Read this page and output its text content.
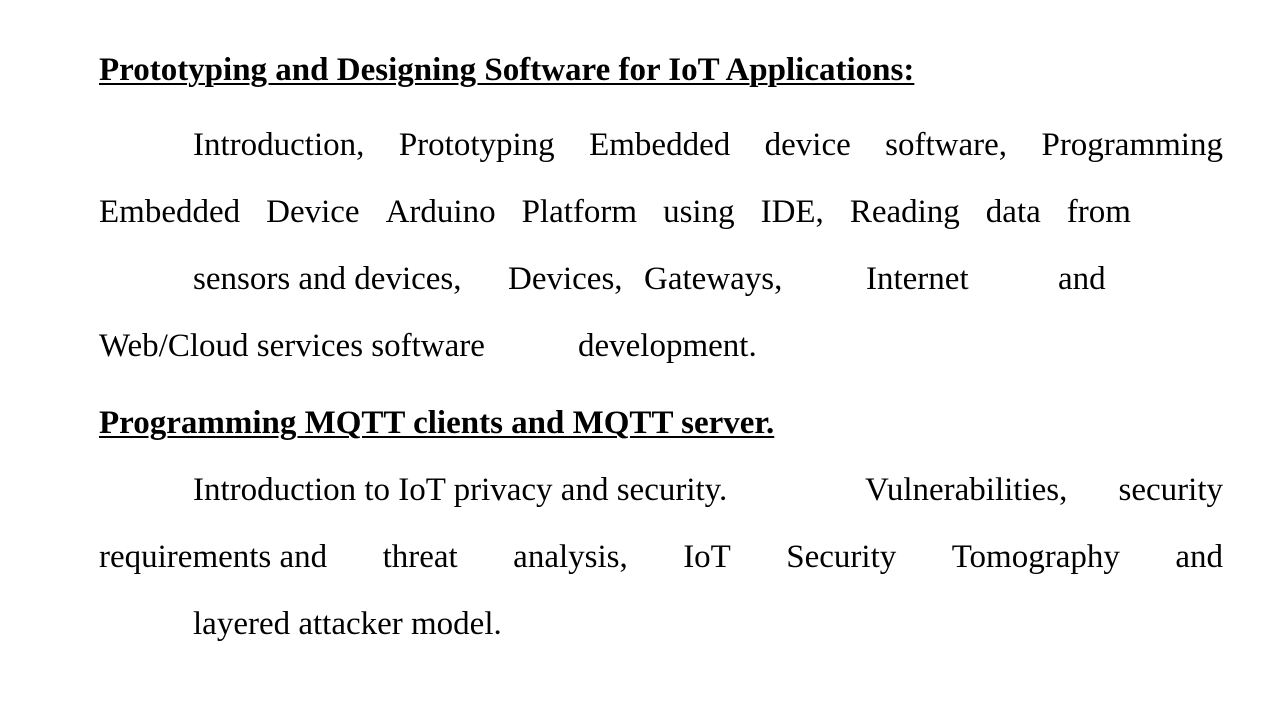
Prototyping and Designing Software for IoT Applications:
Introduction, Prototyping Embedded device software, Programming
Embedded Device Arduino Platform using IDE, Reading data from
sensors and devices, Devices, Gateways,	Internet	and
Web/Cloud services software	development.
Programming MQTT clients and MQTT server.
Introduction to IoT privacy and security.	Vulnerabilities, security
requirements and threat analysis, IoT Security Tomography and
layered attacker model.
